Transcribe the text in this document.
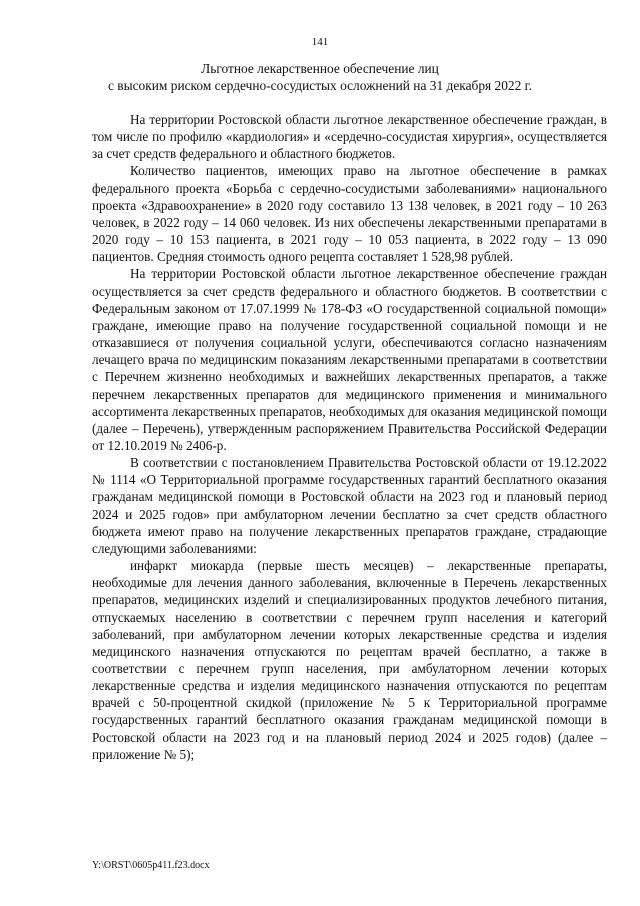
141
Льготное лекарственное обеспечение лиц
с высоким риском сердечно-сосудистых осложнений на 31 декабря 2022 г.

На территории Ростовской области льготное лекарственное обеспечение граждан, в том числе по профилю «кардиология» и «сердечно-сосудистая хирургия», осуществляется за счет средств федерального и областного бюджетов.

Количество пациентов, имеющих право на льготное обеспечение в рамках федерального проекта «Борьба с сердечно-сосудистыми заболеваниями» национального проекта «Здравоохранение» в 2020 году составило 13 138 человек, в 2021 году – 10 263 человек, в 2022 году – 14 060 человек. Из них обеспечены лекарственными препаратами в 2020 году – 10 153 пациента, в 2021 году – 10 053 пациента, в 2022 году – 13 090 пациентов. Средняя стоимость одного рецепта составляет 1 528,98 рублей.

На территории Ростовской области льготное лекарственное обеспечение граждан осуществляется за счет средств федерального и областного бюджетов. В соответствии с Федеральным законом от 17.07.1999 № 178-ФЗ «О государственной социальной помощи» граждане, имеющие право на получение государственной социальной помощи и не отказавшиеся от получения социальной услуги, обеспечиваются согласно назначениям лечащего врача по медицинским показаниям лекарственными препаратами в соответствии с Перечнем жизненно необходимых и важнейших лекарственных препаратов, а также перечнем лекарственных препаратов для медицинского применения и минимального ассортимента лекарственных препаратов, необходимых для оказания медицинской помощи (далее – Перечень), утвержденным распоряжением Правительства Российской Федерации от 12.10.2019 № 2406-р.

В соответствии с постановлением Правительства Ростовской области от 19.12.2022 № 1114 «О Территориальной программе государственных гарантий бесплатного оказания гражданам медицинской помощи в Ростовской области на 2023 год и плановый период 2024 и 2025 годов» при амбулаторном лечении бесплатно за счет средств областного бюджета имеют право на получение лекарственных препаратов граждане, страдающие следующими заболеваниями:

инфаркт миокарда (первые шесть месяцев) – лекарственные препараты, необходимые для лечения данного заболевания, включенные в Перечень лекарственных препаратов, медицинских изделий и специализированных продуктов лечебного питания, отпускаемых населению в соответствии с перечнем групп населения и категорий заболеваний, при амбулаторном лечении которых лекарственные средства и изделия медицинского назначения отпускаются по рецептам врачей бесплатно, а также в соответствии с перечнем групп населения, при амбулаторном лечении которых лекарственные средства и изделия медицинского назначения отпускаются по рецептам врачей с 50-процентной скидкой (приложение № 5 к Территориальной программе государственных гарантий бесплатного оказания гражданам медицинской помощи в Ростовской области на 2023 год и на плановый период 2024 и 2025 годов) (далее – приложение № 5);

Y:\ORST\0605p411.f23.docx
